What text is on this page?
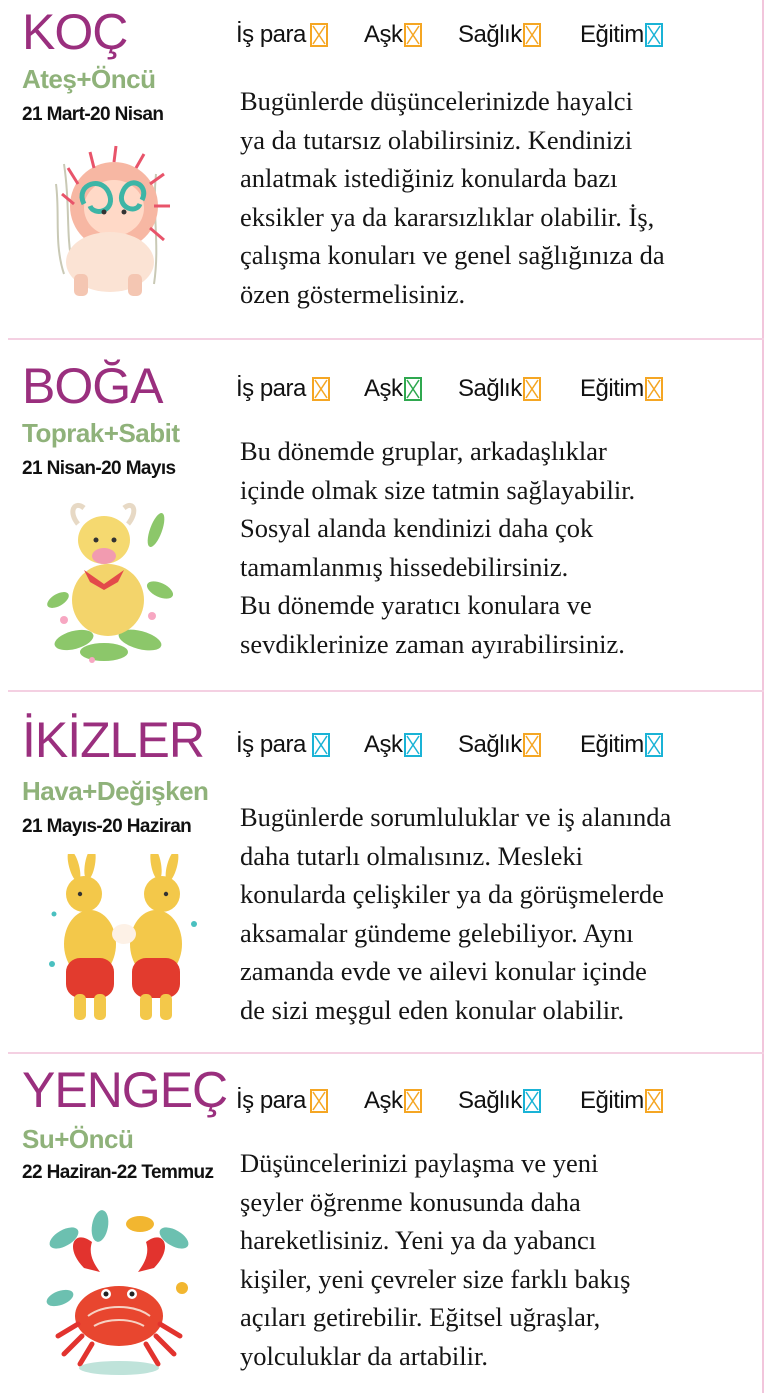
KOÇ
Ateş+Öncü
21 Mart-20 Nisan
İş para	Aşk	Sağlık	Eğitim
Bugünlerde düşüncelerinizde hayalci
ya da tutarsız olabilirsiniz. Kendinizi
anlatmak istediğiniz konularda bazı
eksikler ya da kararsızlıklar olabilir. İş,
çalışma konuları ve genel sağlığınıza da
özen göstermelisiniz.
BOĞA
Toprak+Sabit
21 Nisan-20 Mayıs
İş para	Aşk	Sağlık	Eğitim
Bu dönemde gruplar, arkadaşlıklar
içinde olmak size tatmin sağlayabilir.
Sosyal alanda kendinizi daha çok
tamamlanmış hissedebilirsiniz.
Bu dönemde yaratıcı konulara ve
sevdiklerinize zaman ayırabilirsiniz.
İKİZLER
Hava+Değişken
21 Mayıs-20 Haziran
İş para	Aşk	Sağlık	Eğitim
Bugünlerde sorumluluklar ve iş alanında
daha tutarlı olmalısınız. Mesleki
konularda çelişkiler ya da görüşmelerde
aksamalar gündeme gelebiliyor. Aynı
zamanda evde ve ailevi konular içinde
de sizi meşgul eden konular olabilir.
YENGEÇ
Su+Öncü
22 Haziran-22 Temmuz
İş para	Aşk	Sağlık	Eğitim
Düşüncelerinizi paylaşma ve yeni
şeyler öğrenme konusunda daha
hareketlisiniz. Yeni ya da yabancı
kişiler, yeni çevreler size farklı bakış
açıları getirebilir. Eğitsel uğraşlar,
yolculuklar da artabilir.
